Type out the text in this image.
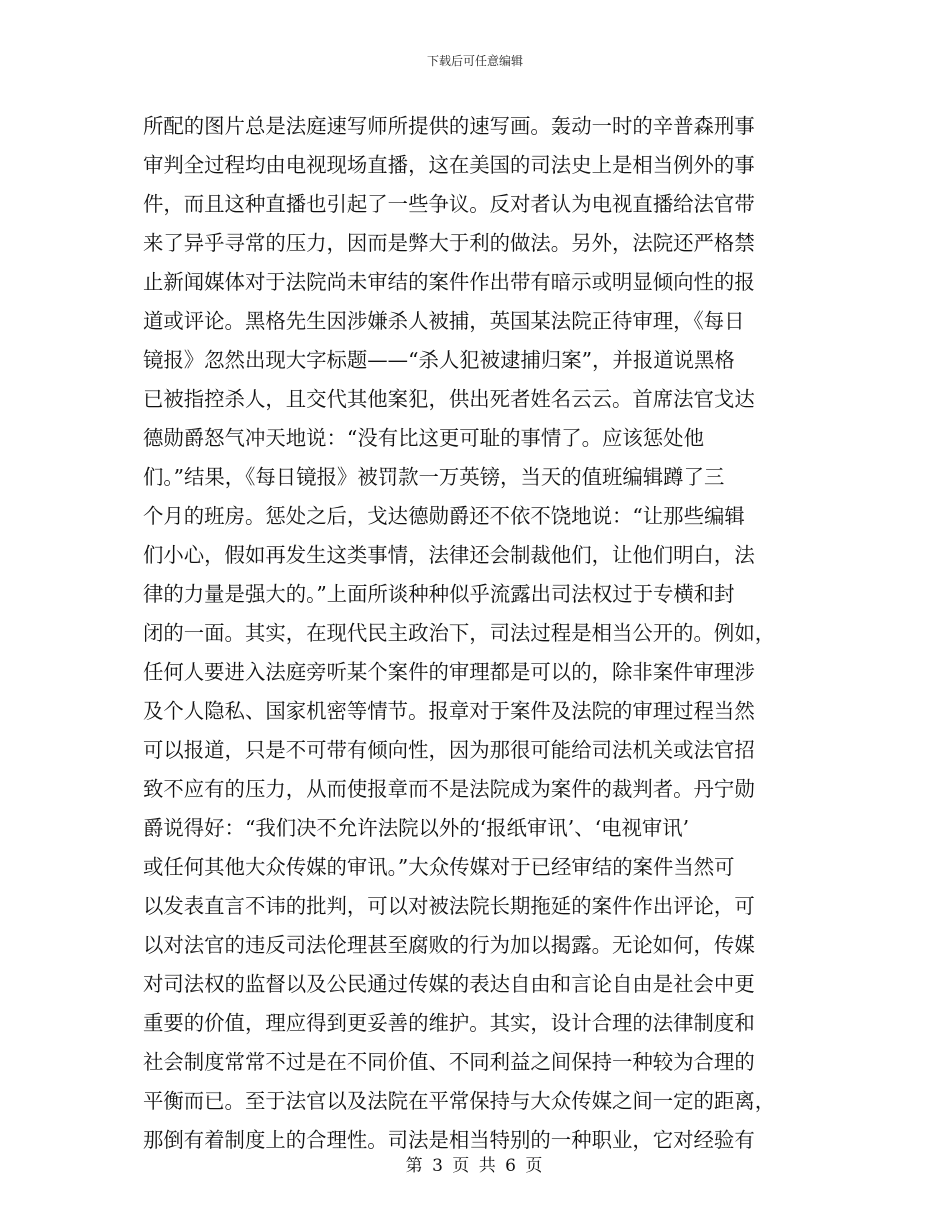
下载后可任意编辑
所配的图片总是法庭速写师所提供的速写画。轰动一时的辛普森刑事
审判全过程均由电视现场直播，这在美国的司法史上是相当例外的事
件，而且这种直播也引起了一些争议。反对者认为电视直播给法官带
来了异乎寻常的压力，因而是弊大于利的做法。另外，法院还严格禁
止新闻媒体对于法院尚未审结的案件作出带有暗示或明显倾向性的报
道或评论。黑格先生因涉嫌杀人被捕，英国某法院正待审理，《每日
镜报》忽然出现大字标题——“杀人犯被逮捕归案”，并报道说黑格
已被指控杀人，且交代其他案犯，供出死者姓名云云。首席法官戈达
德勋爵怒气冲天地说：“没有比这更可耻的事情了。应该惩处他
们。”结果，《每日镜报》被罚款一万英镑，当天的值班编辑蹲了三
个月的班房。惩处之后，戈达德勋爵还不依不饶地说：“让那些编辑
们小心，假如再发生这类事情，法律还会制裁他们，让他们明白，法
律的力量是强大的。”上面所谈种种似乎流露出司法权过于专横和封
闭的一面。其实，在现代民主政治下，司法过程是相当公开的。例如，
任何人要进入法庭旁听某个案件的审理都是可以的，除非案件审理涉
及个人隐私、国家机密等情节。报章对于案件及法院的审理过程当然
可以报道，只是不可带有倾向性，因为那很可能给司法机关或法官招
致不应有的压力，从而使报章而不是法院成为案件的裁判者。丹宁勋
爵说得好：“我们决不允许法院以外的‘报纸审讯’、‘电视审讯’
或任何其他大众传媒的审讯。”大众传媒对于已经审结的案件当然可
以发表直言不讳的批判，可以对被法院长期拖延的案件作出评论，可
以对法官的违反司法伦理甚至腐败的行为加以揭露。无论如何，传媒
对司法权的监督以及公民通过传媒的表达自由和言论自由是社会中更
重要的价值，理应得到更妥善的维护。其实，设计合理的法律制度和
社会制度常常不过是在不同价值、不同利益之间保持一种较为合理的
平衡而已。至于法官以及法院在平常保持与大众传媒之间一定的距离，
那倒有着制度上的合理性。司法是相当特别的一种职业，它对经验有
第 3 页 共 6 页
